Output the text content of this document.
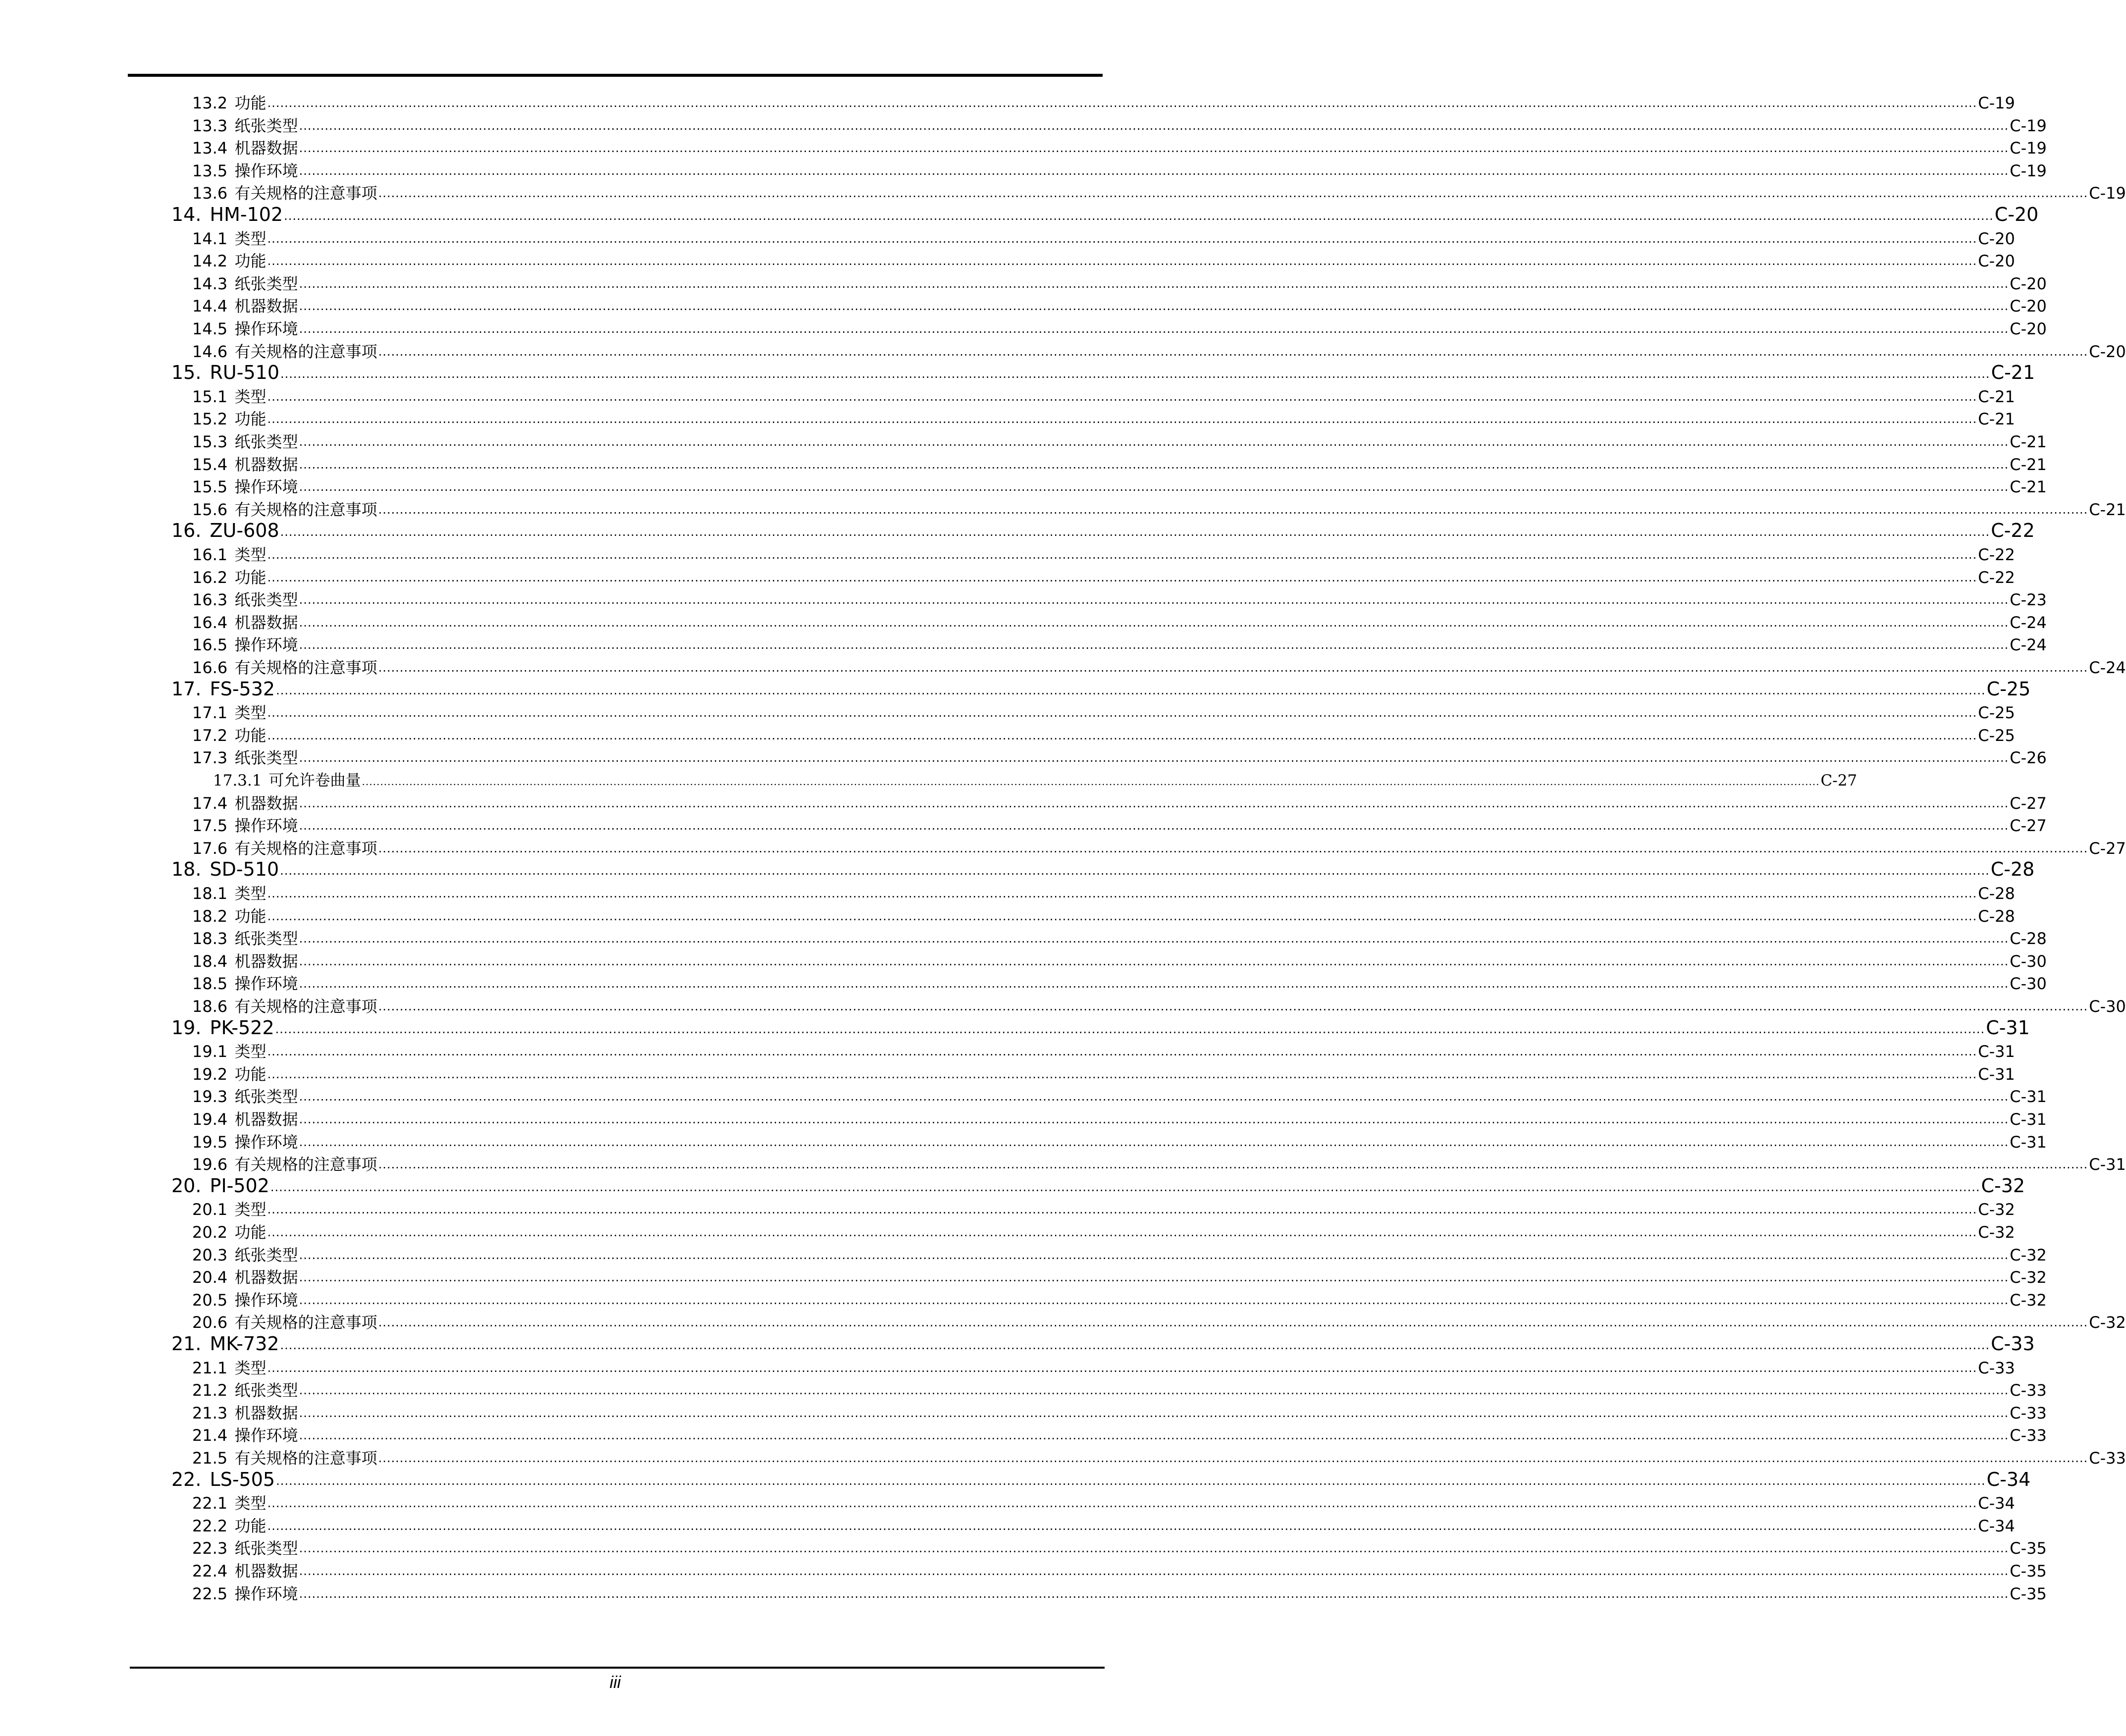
13.2 功能 ................................................................................................................................................................................................................................................................................................................................................................................................................ C-19
13.3 纸张类型 ................................................................................................................................................................................................................................................................................................................................................................................................................ C-19
13.4 机器数据 ................................................................................................................................................................................................................................................................................................................................................................................................................ C-19
13.5 操作环境 ................................................................................................................................................................................................................................................................................................................................................................................................................ C-19
13.6 有关规格的注意事项 ................................................................................................................................................................................................................................................................................................................................................................................................................ C-19
14. HM-102 ................................................................................................................................................................................................................................................................................................................................................................................................................ C-20
14.1 类型 ................................................................................................................................................................................................................................................................................................................................................................................................................ C-20
14.2 功能 ................................................................................................................................................................................................................................................................................................................................................................................................................ C-20
14.3 纸张类型 ................................................................................................................................................................................................................................................................................................................................................................................................................ C-20
14.4 机器数据 ................................................................................................................................................................................................................................................................................................................................................................................................................ C-20
14.5 操作环境 ................................................................................................................................................................................................................................................................................................................................................................................................................ C-20
14.6 有关规格的注意事项 ................................................................................................................................................................................................................................................................................................................................................................................................................ C-20
15. RU-510 ................................................................................................................................................................................................................................................................................................................................................................................................................ C-21
15.1 类型 ................................................................................................................................................................................................................................................................................................................................................................................................................ C-21
15.2 功能 ................................................................................................................................................................................................................................................................................................................................................................................................................ C-21
15.3 纸张类型 ................................................................................................................................................................................................................................................................................................................................................................................................................ C-21
15.4 机器数据 ................................................................................................................................................................................................................................................................................................................................................................................................................ C-21
15.5 操作环境 ................................................................................................................................................................................................................................................................................................................................................................................................................ C-21
15.6 有关规格的注意事项 ................................................................................................................................................................................................................................................................................................................................................................................................................ C-21
16. ZU-608 ................................................................................................................................................................................................................................................................................................................................................................................................................ C-22
16.1 类型 ................................................................................................................................................................................................................................................................................................................................................................................................................ C-22
16.2 功能 ................................................................................................................................................................................................................................................................................................................................................................................................................ C-22
16.3 纸张类型 ................................................................................................................................................................................................................................................................................................................................................................................................................ C-23
16.4 机器数据 ................................................................................................................................................................................................................................................................................................................................................................................................................ C-24
16.5 操作环境 ................................................................................................................................................................................................................................................................................................................................................................................................................ C-24
16.6 有关规格的注意事项 ................................................................................................................................................................................................................................................................................................................................................................................................................ C-24
17. FS-532 ................................................................................................................................................................................................................................................................................................................................................................................................................ C-25
17.1 类型 ................................................................................................................................................................................................................................................................................................................................................................................................................ C-25
17.2 功能 ................................................................................................................................................................................................................................................................................................................................................................................................................ C-25
17.3 纸张类型 ................................................................................................................................................................................................................................................................................................................................................................................................................ C-26
17.3.1 可允许卷曲量 ................................................................................................................................................................................................................................................................................................................................................................................................................ C-27
17.4 机器数据 ................................................................................................................................................................................................................................................................................................................................................................................................................ C-27
17.5 操作环境 ................................................................................................................................................................................................................................................................................................................................................................................................................ C-27
17.6 有关规格的注意事项 ................................................................................................................................................................................................................................................................................................................................................................................................................ C-27
18. SD-510 ................................................................................................................................................................................................................................................................................................................................................................................................................ C-28
18.1 类型 ................................................................................................................................................................................................................................................................................................................................................................................................................ C-28
18.2 功能 ................................................................................................................................................................................................................................................................................................................................................................................................................ C-28
18.3 纸张类型 ................................................................................................................................................................................................................................................................................................................................................................................................................ C-28
18.4 机器数据 ................................................................................................................................................................................................................................................................................................................................................................................................................ C-30
18.5 操作环境 ................................................................................................................................................................................................................................................................................................................................................................................................................ C-30
18.6 有关规格的注意事项 ................................................................................................................................................................................................................................................................................................................................................................................................................ C-30
19. PK-522 ................................................................................................................................................................................................................................................................................................................................................................................................................ C-31
19.1 类型 ................................................................................................................................................................................................................................................................................................................................................................................................................ C-31
19.2 功能 ................................................................................................................................................................................................................................................................................................................................................................................................................ C-31
19.3 纸张类型 ................................................................................................................................................................................................................................................................................................................................................................................................................ C-31
19.4 机器数据 ................................................................................................................................................................................................................................................................................................................................................................................................................ C-31
19.5 操作环境 ................................................................................................................................................................................................................................................................................................................................................................................................................ C-31
19.6 有关规格的注意事项 ................................................................................................................................................................................................................................................................................................................................................................................................................ C-31
20. PI-502 ................................................................................................................................................................................................................................................................................................................................................................................................................ C-32
20.1 类型 ................................................................................................................................................................................................................................................................................................................................................................................................................ C-32
20.2 功能 ................................................................................................................................................................................................................................................................................................................................................................................................................ C-32
20.3 纸张类型 ................................................................................................................................................................................................................................................................................................................................................................................................................ C-32
20.4 机器数据 ................................................................................................................................................................................................................................................................................................................................................................................................................ C-32
20.5 操作环境 ................................................................................................................................................................................................................................................................................................................................................................................................................ C-32
20.6 有关规格的注意事项 ................................................................................................................................................................................................................................................................................................................................................................................................................ C-32
21. MK-732 ................................................................................................................................................................................................................................................................................................................................................................................................................ C-33
21.1 类型 ................................................................................................................................................................................................................................................................................................................................................................................................................ C-33
21.2 纸张类型 ................................................................................................................................................................................................................................................................................................................................................................................................................ C-33
21.3 机器数据 ................................................................................................................................................................................................................................................................................................................................................................................................................ C-33
21.4 操作环境 ................................................................................................................................................................................................................................................................................................................................................................................................................ C-33
21.5 有关规格的注意事项 ................................................................................................................................................................................................................................................................................................................................................................................................................ C-33
22. LS-505 ................................................................................................................................................................................................................................................................................................................................................................................................................ C-34
22.1 类型 ................................................................................................................................................................................................................................................................................................................................................................................................................ C-34
22.2 功能 ................................................................................................................................................................................................................................................................................................................................................................................................................ C-34
22.3 纸张类型 ................................................................................................................................................................................................................................................................................................................................................................................................................ C-35
22.4 机器数据 ................................................................................................................................................................................................................................................................................................................................................................................................................ C-35
22.5 操作环境 ................................................................................................................................................................................................................................................................................................................................................................................................................ C-35
iii
